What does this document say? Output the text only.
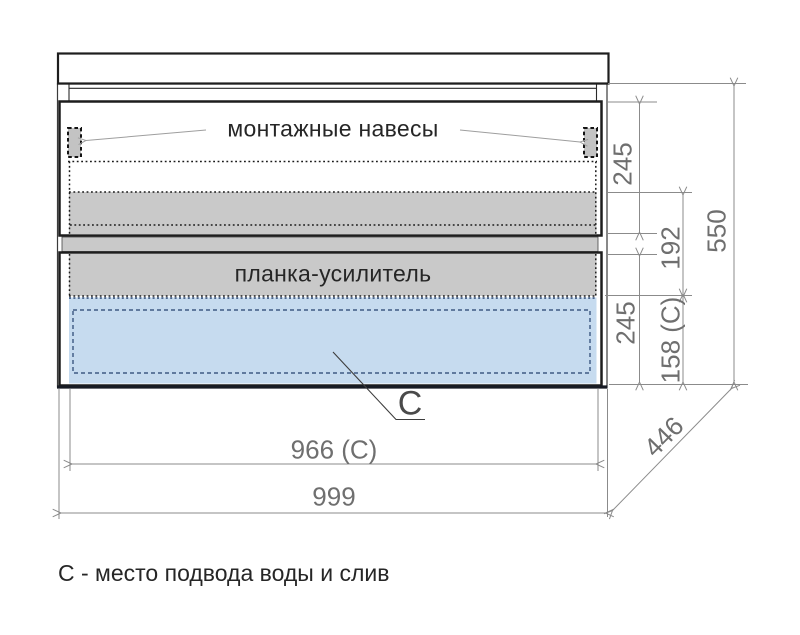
монтажные навесы
планка-усилитель
C
245
192
245 158 (C)
550
446
966 (C)
999
С - место подвода воды и слив
